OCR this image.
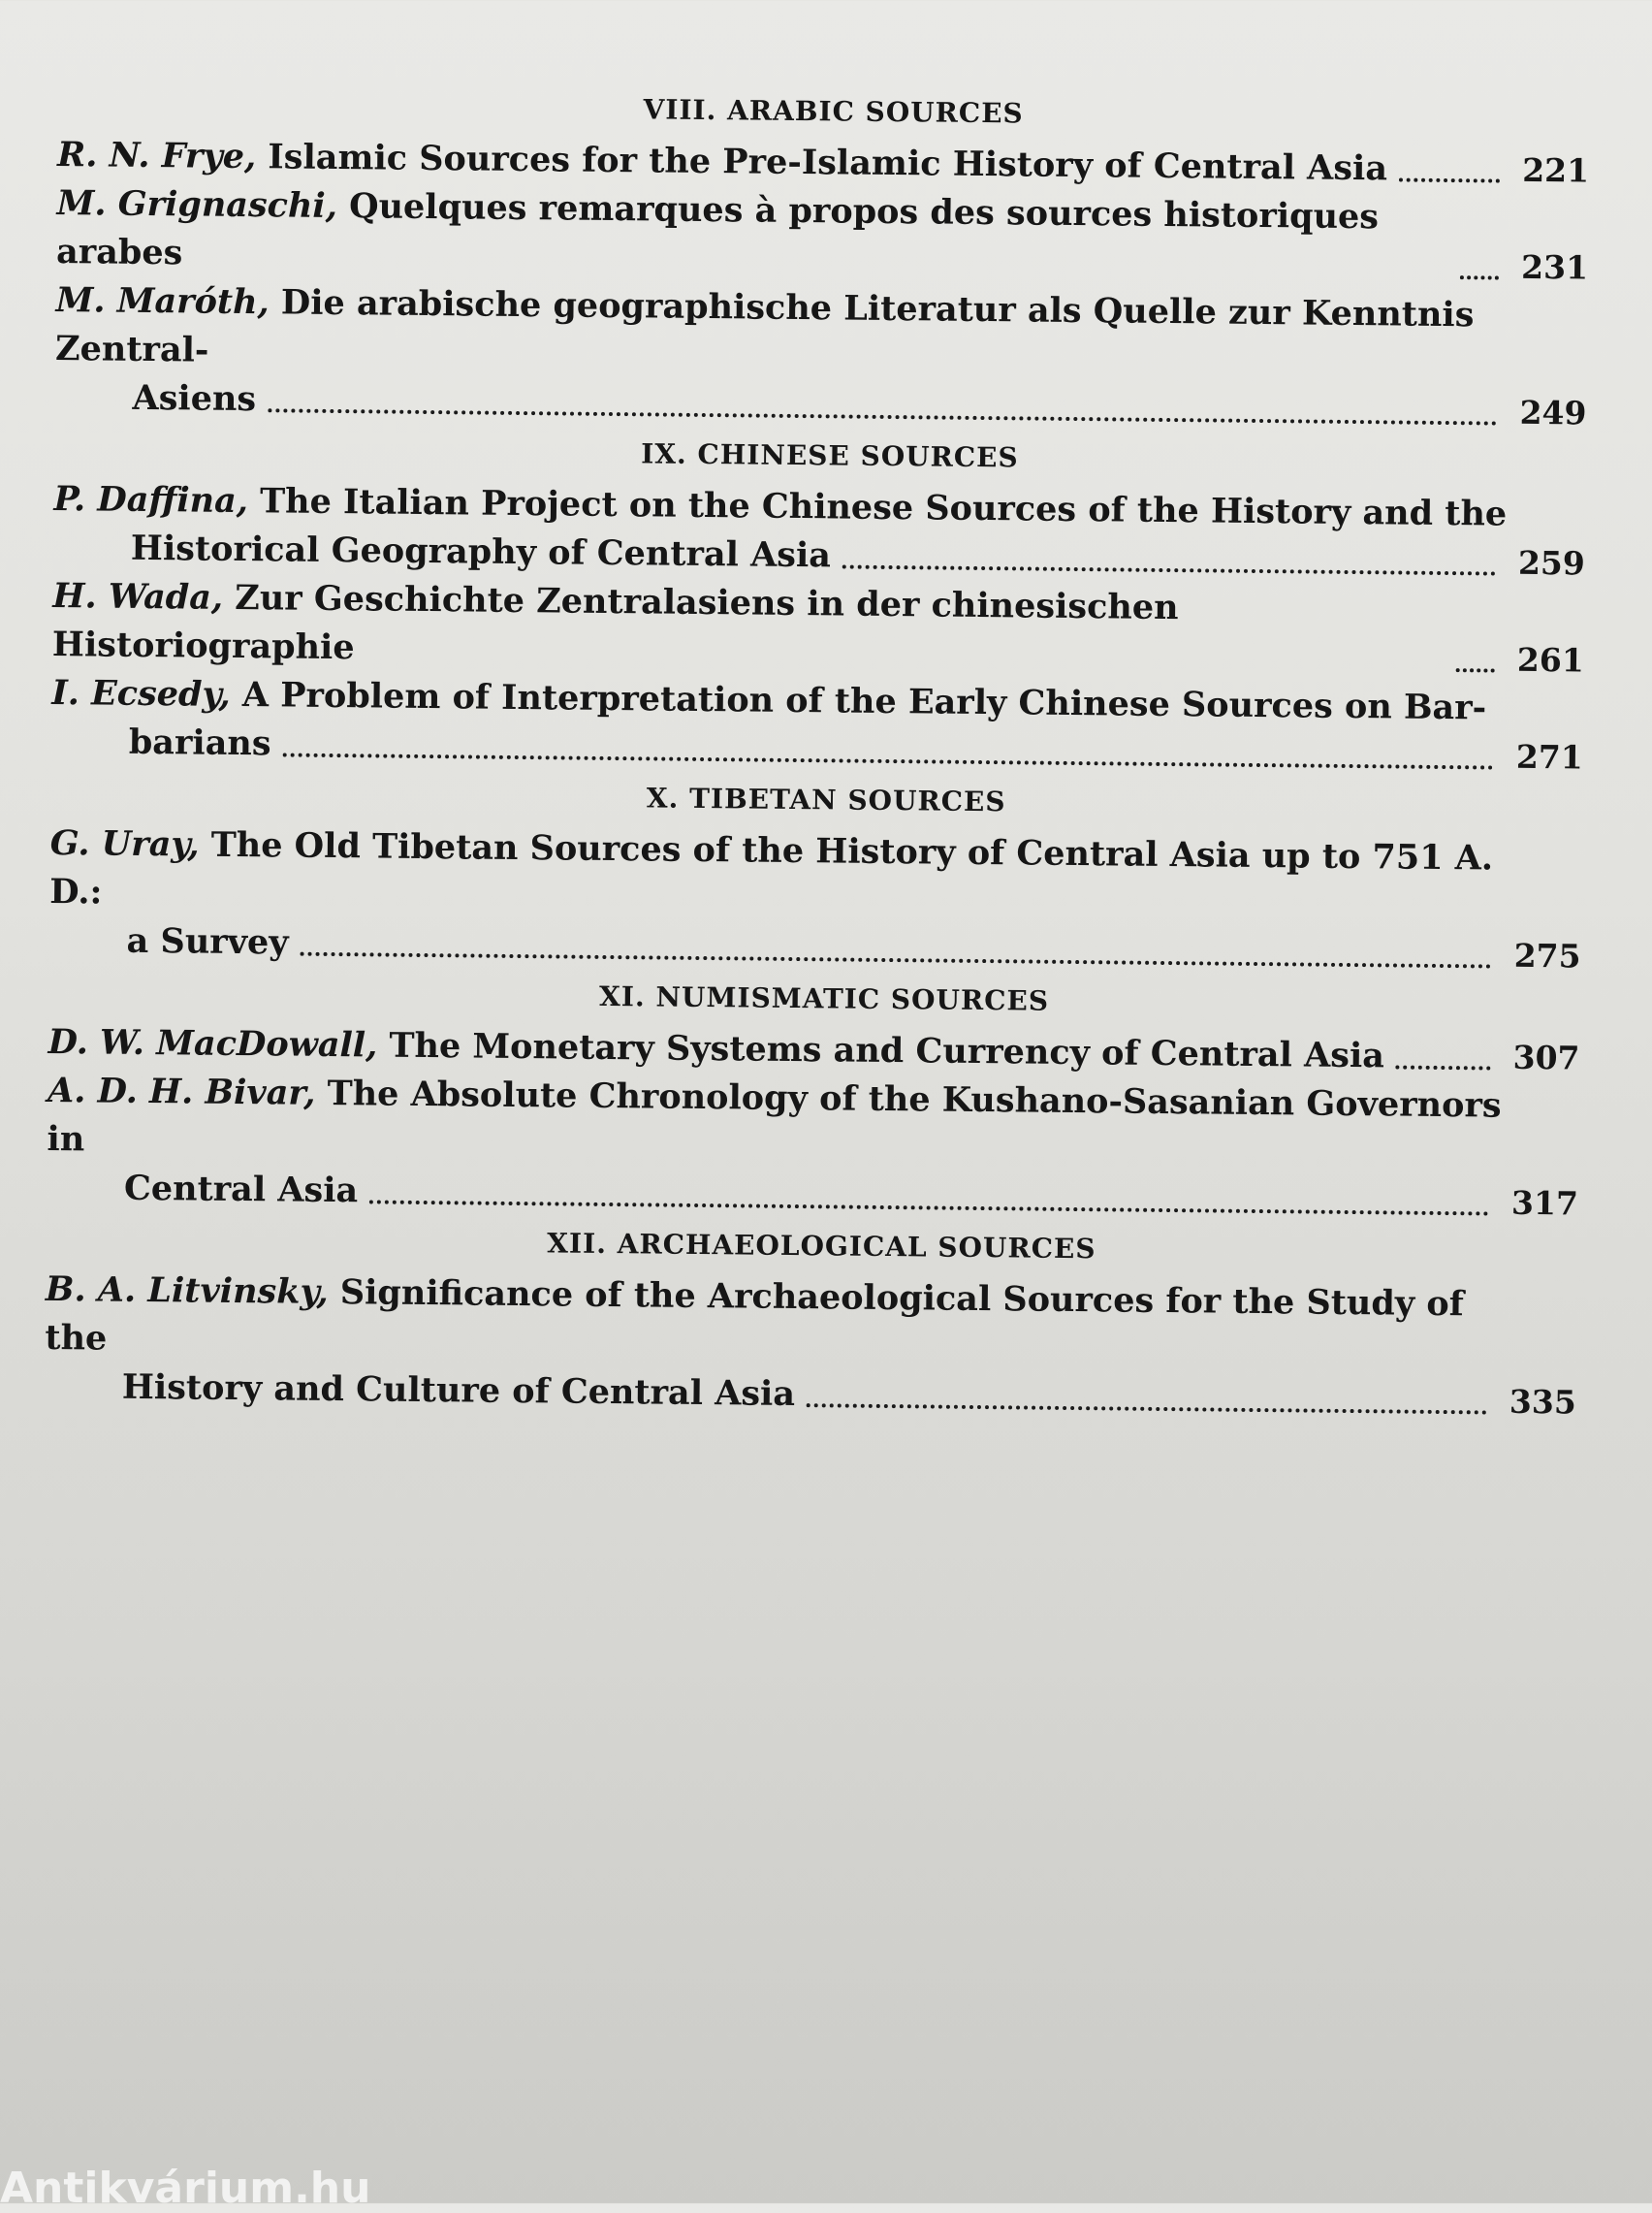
VIII. ARABIC SOURCES
R. N. Frye, Islamic Sources for the Pre-Islamic History of Central Asia	221
M. Grignaschi, Quelques remarques à propos des sources historiques arabes	231
M. Maróth, Die arabische geographische Literatur als Quelle zur Kenntnis Zentral-
Asiens	249
IX. CHINESE SOURCES
P. Daffina, The Italian Project on the Chinese Sources of the History and the
Historical Geography of Central Asia	259
H. Wada, Zur Geschichte Zentralasiens in der chinesischen Historiographie	261
I. Ecsedy, A Problem of Interpretation of the Early Chinese Sources on Bar-
barians	271
X. TIBETAN SOURCES
G. Uray, The Old Tibetan Sources of the History of Central Asia up to 751 A. D.:
a Survey	275
XI. NUMISMATIC SOURCES
D. W. MacDowall, The Monetary Systems and Currency of Central Asia	307
A. D. H. Bivar, The Absolute Chronology of the Kushano-Sasanian Governors in
Central Asia	317
XII. ARCHAEOLOGICAL SOURCES
B. A. Litvinsky, Significance of the Archaeological Sources for the Study of the
History and Culture of Central Asia	335

Antikvárium.hu
